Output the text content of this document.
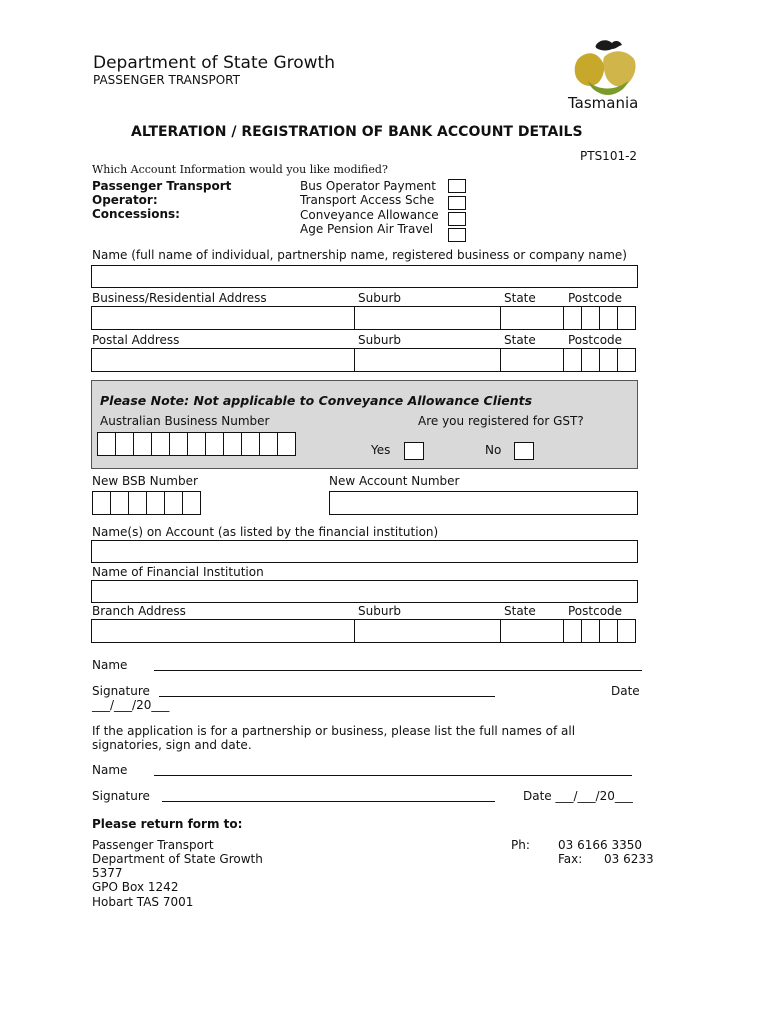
Department of State Growth
PASSENGER TRANSPORT
Tasmania
ALTERATION / REGISTRATION OF BANK ACCOUNT DETAILS
PTS101-2
Which Account Information would you like modified?
Passenger Transport
Operator:
Concessions:
Bus Operator Payment
Transport Access Sche
Conveyance Allowance
Age Pension Air Travel
Name (full name of individual, partnership name, registered business or company name)
Business/Residential Address	Suburb	State	Postcode
Postal Address	Suburb	State	Postcode
Please Note: Not applicable to Conveyance Allowance Clients
Australian Business Number	Are you registered for GST?
Yes	No
New BSB Number	New Account Number
Name(s) on Account (as listed by the financial institution)
Name of Financial Institution
Branch Address	Suburb	State	Postcode
Name
Signature	Date
___/___/20___
If the application is for a partnership or business, please list the full names of all
signatories, sign and date.
Name
Signature	Date ___/___/20___
Please return form to:
Passenger Transport
Department of State Growth
5377
GPO Box 1242
Hobart TAS 7001
Ph: 03 6166 3350
Fax: 03 6233
